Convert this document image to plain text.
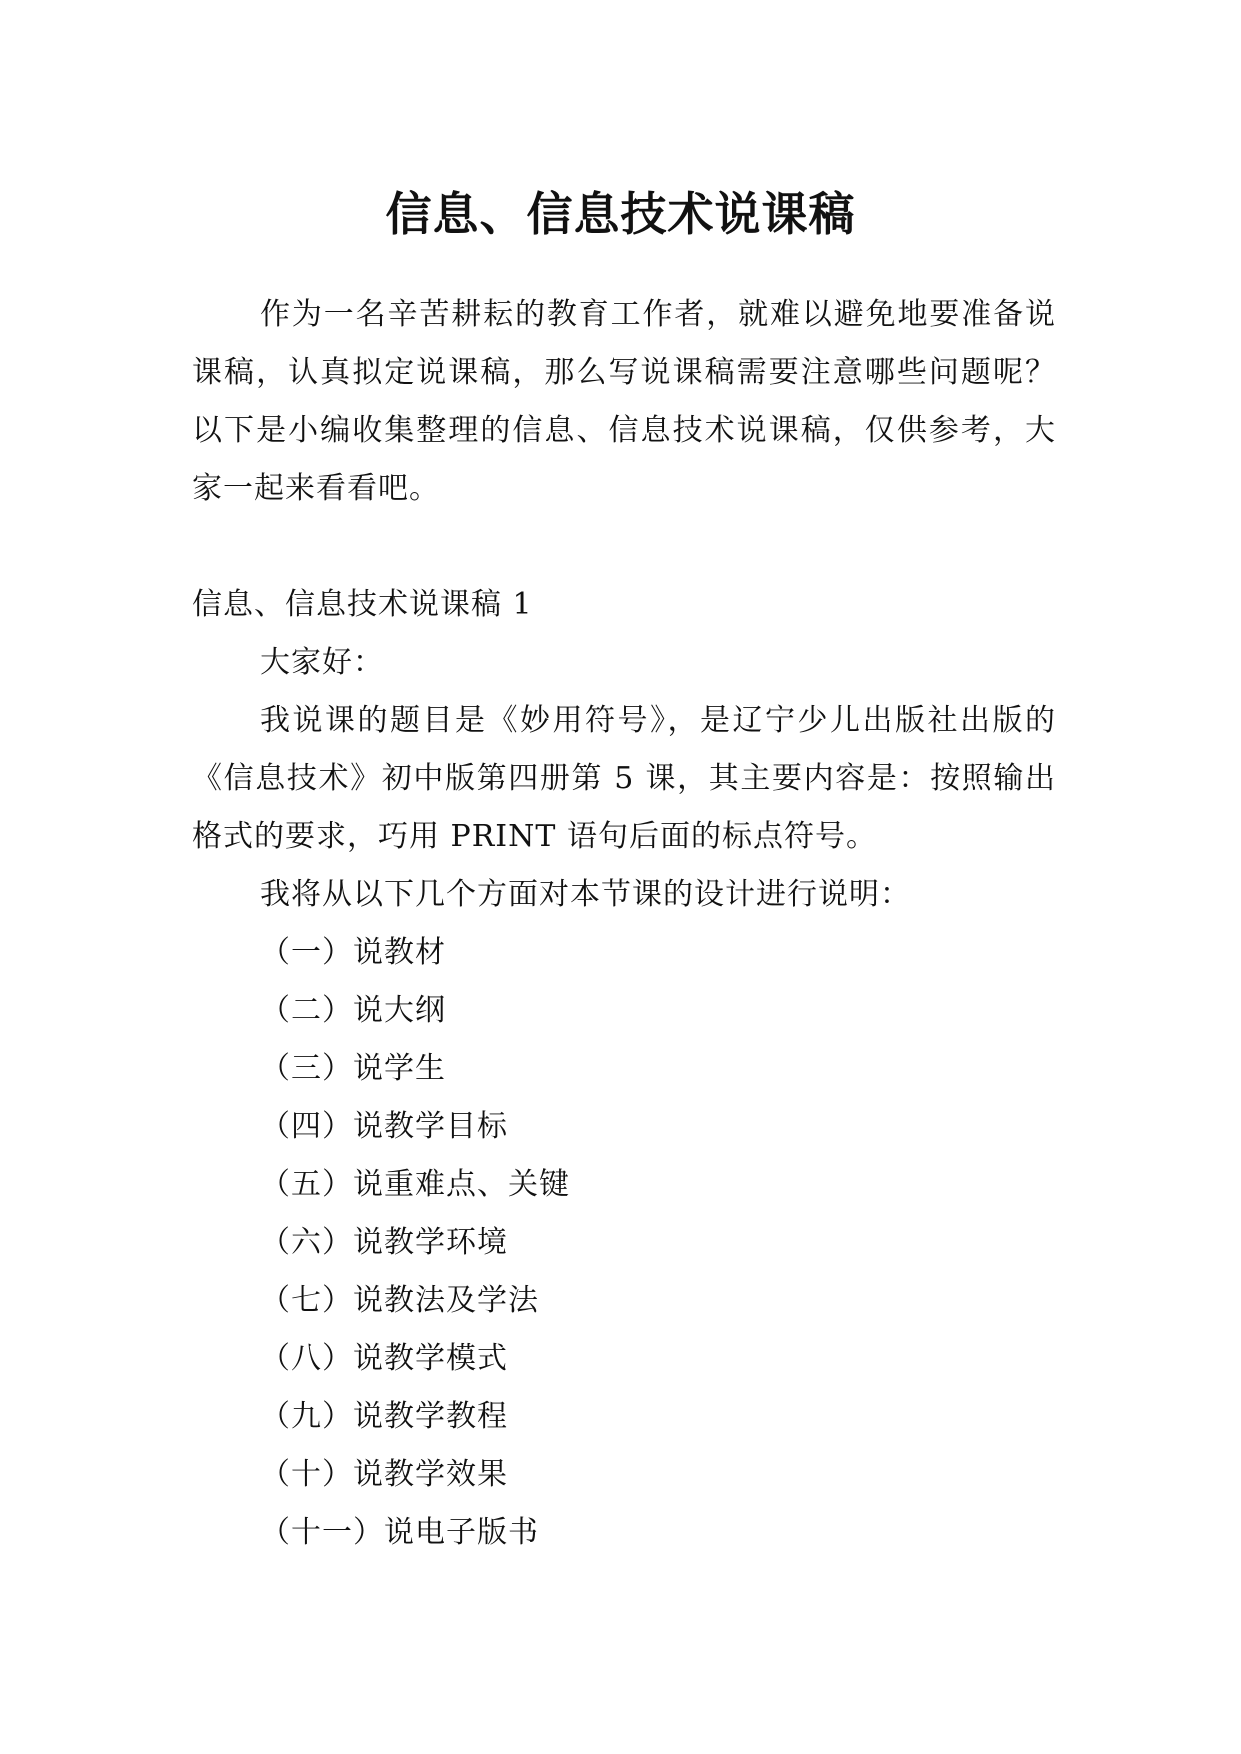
信息、信息技术说课稿

作为一名辛苦耕耘的教育工作者，就难以避免地要准备说课稿，认真拟定说课稿，那么写说课稿需要注意哪些问题呢？以下是小编收集整理的信息、信息技术说课稿，仅供参考，大家一起来看看吧。

信息、信息技术说课稿 1

大家好：

我说课的题目是《妙用符号》，是辽宁少儿出版社出版的《信息技术》初中版第四册第 5 课，其主要内容是：按照输出格式的要求，巧用 PRINT 语句后面的标点符号。

我将从以下几个方面对本节课的设计进行说明：

（一）说教材

（二）说大纲

（三）说学生

（四）说教学目标

（五）说重难点、关键

（六）说教学环境

（七）说教法及学法

（八）说教学模式

（九）说教学教程

（十）说教学效果

（十一）说电子版书
